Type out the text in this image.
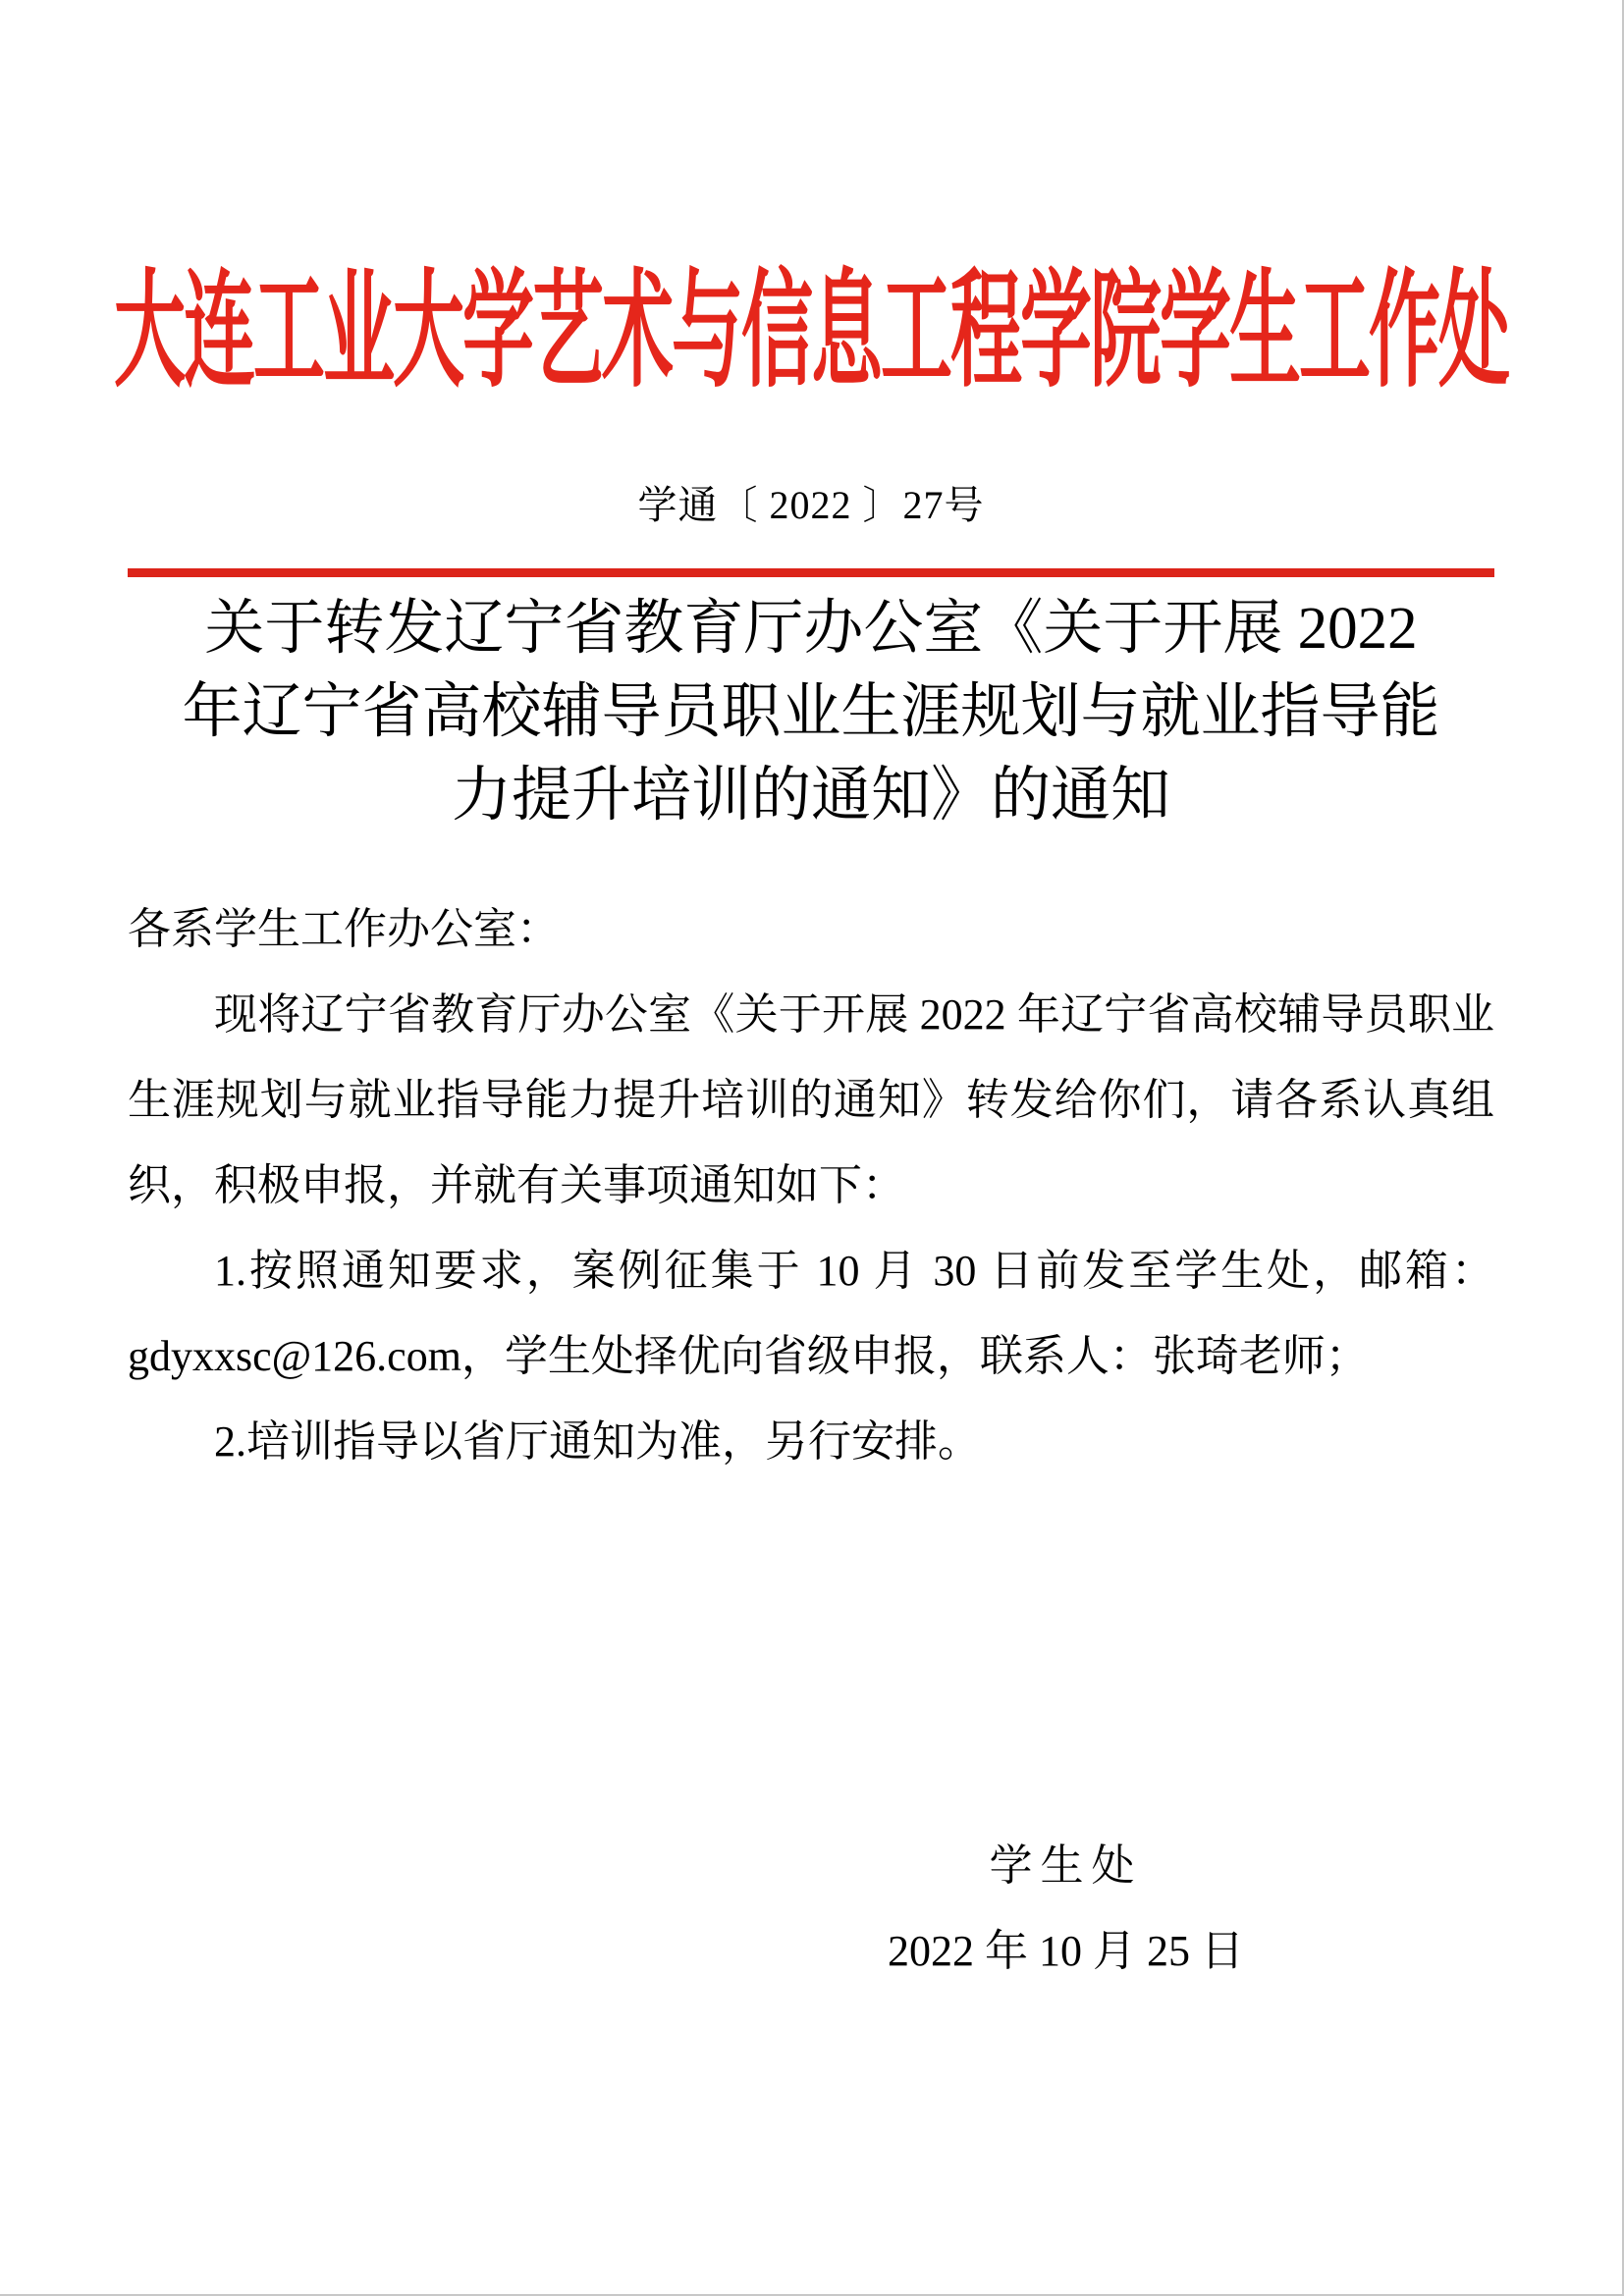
大连工业大学艺术与信息工程学院学生工作处
学通〔 2022 〕27号
关于转发辽宁省教育厅办公室《关于开展 2022
年辽宁省高校辅导员职业生涯规划与就业指导能
力提升培训的通知》的通知

各系学生工作办公室：

现将辽宁省教育厅办公室《关于开展 2022 年辽宁省高校辅导员职业生涯规划与就业指导能力提升培训的通知》转发给你们，请各系认真组织，积极申报，并就有关事项通知如下：

1.按照通知要求，案例征集于 10 月 30 日前发至学生处，邮箱：gdyxxsc@126.com，学生处择优向省级申报，联系人：张琦老师；

2.培训指导以省厅通知为准，另行安排。

学生处
2022 年 10 月 25 日
